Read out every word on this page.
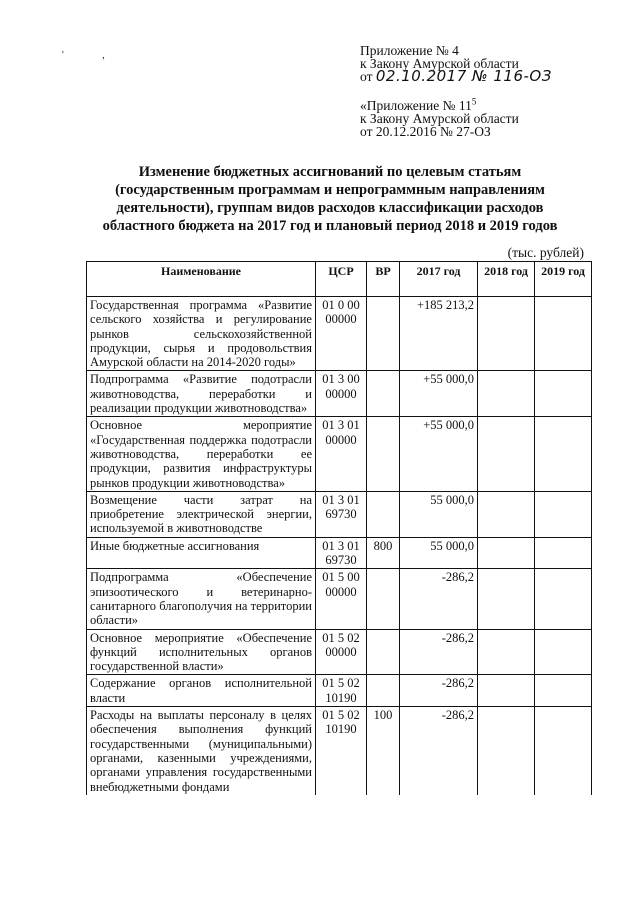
' ,	Приложение № 4
к Закону Амурской области
от 02.10.2017 № 116-ОЗ
«Приложение № $11^5$
к Закону Амурской области
от 20.12.2016 № 27-ОЗ
Изменение бюджетных ассигнований по целевым статьям
(государственным программам и непрограммным направлениям
деятельности), группам видов расходов классификации расходов
областного бюджета на 2017 год и плановый период 2018 и 2019 годов
(тыс. рублей)
Наименование	ЦСР	ВР	2017 год	2018 год	2019 год
Государственная программа «Развитие сельского хозяйства и регулирование рынков сельскохозяйственной продукции, сырья и продовольствия Амурской области на 2014-2020 годы»	01 0 00 00000		+185 213,2		
Подпрограмма «Развитие подотрасли животноводства, переработки и реализации продукции животноводства»	01 3 00 00000		+55 000,0		
Основное мероприятие «Государственная поддержка подотрасли животноводства, переработки ее продукции, развития инфраструктуры рынков продукции животноводства»	01 3 01 00000		+55 000,0		
Возмещение части затрат на приобретение электрической энергии, используемой в животноводстве	01 3 01 69730		55 000,0		
Иные бюджетные ассигнования	01 3 01 69730	800	55 000,0		
Подпрограмма «Обеспечение эпизоотического и ветеринарно-санитарного благополучия на территории области»	01 5 00 00000		-286,2		
Основное мероприятие «Обеспечение функций исполнительных органов государственной власти»	01 5 02 00000		-286,2		
Содержание органов исполнительной власти	01 5 02 10190		-286,2		
Расходы на выплаты персоналу в целях обеспечения выполнения функций государственными (муниципальными) органами, казенными учреждениями, органами управления государственными внебюджетными фондами	01 5 02 10190	100	-286,2		
